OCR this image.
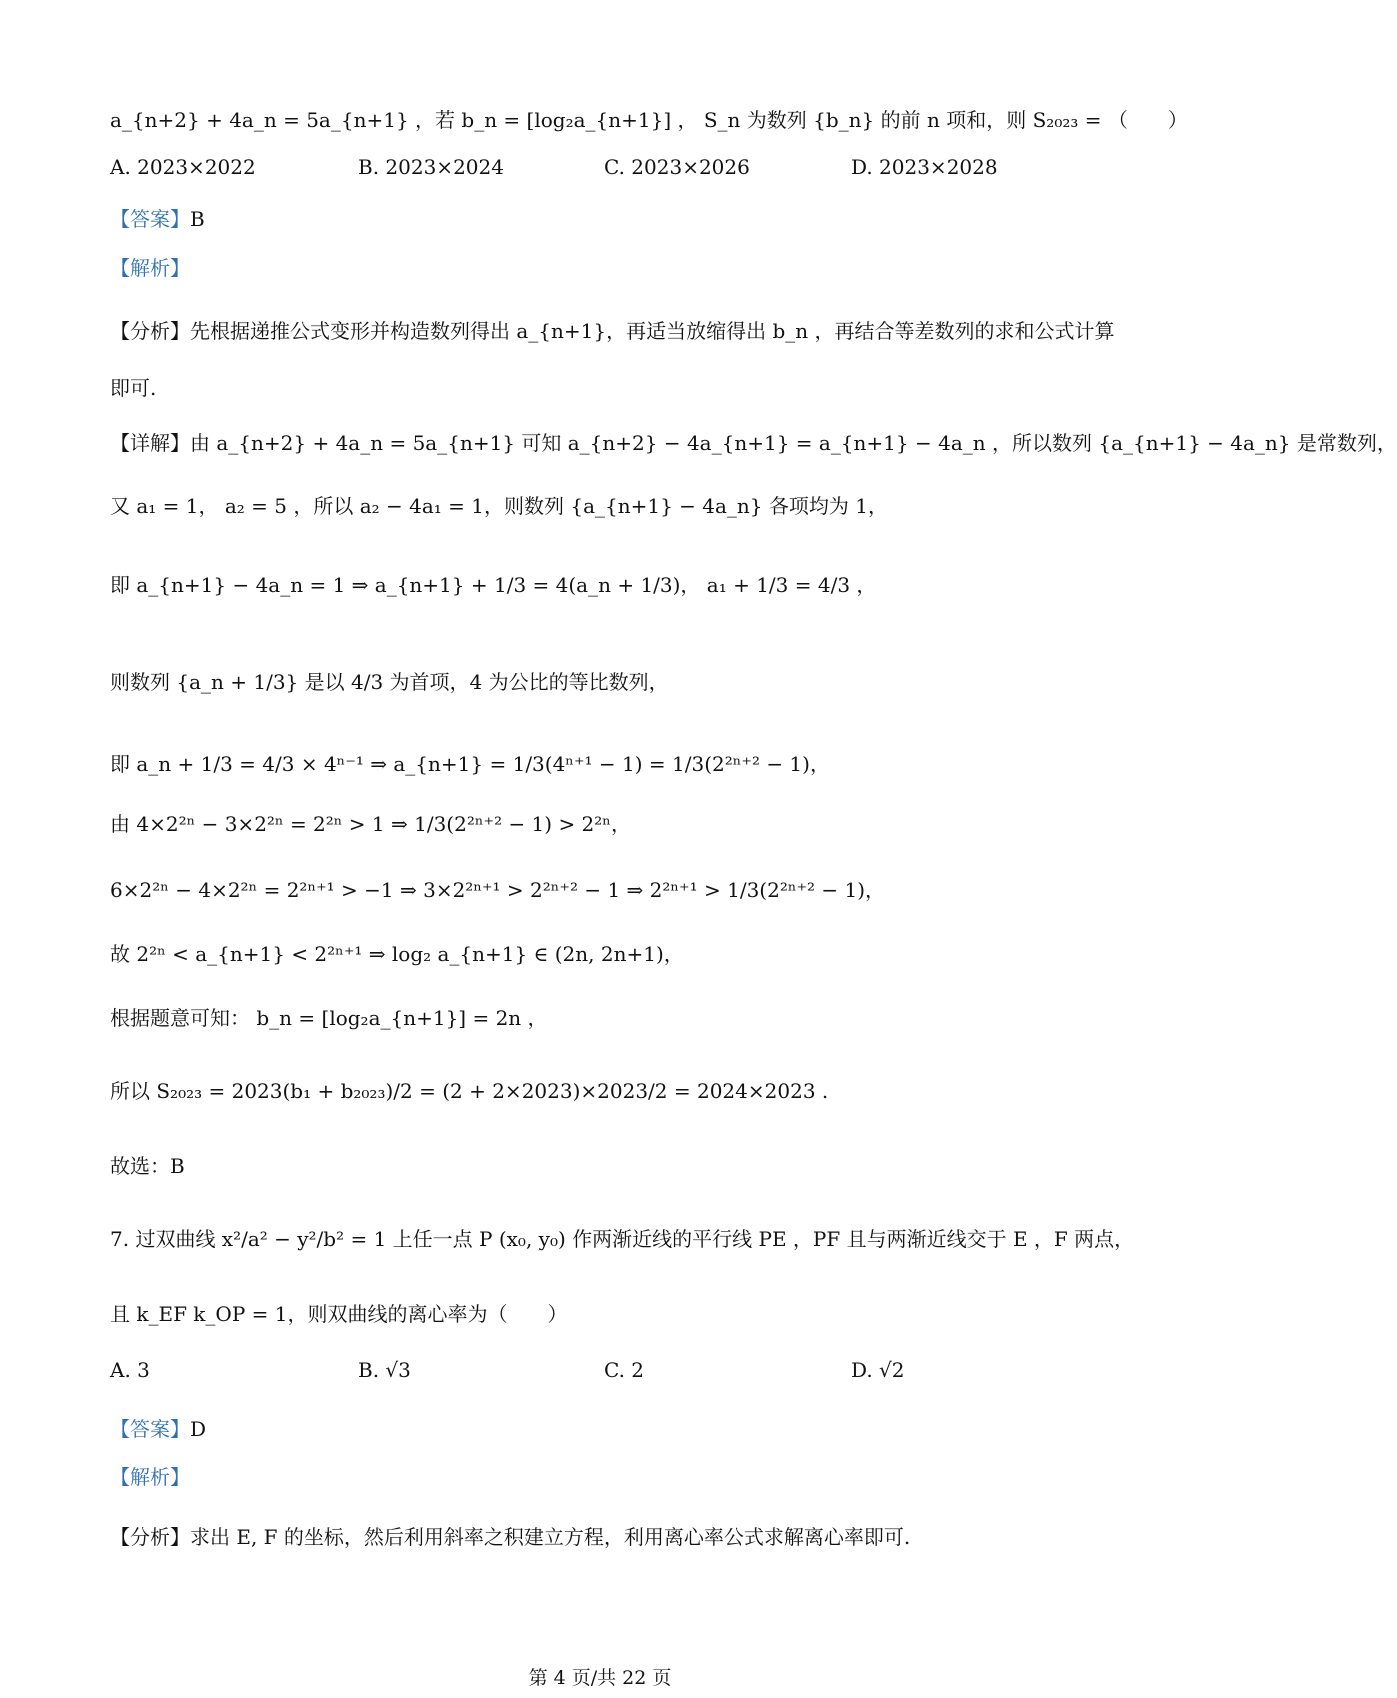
a_{n+2} + 4a_n = 5a_{n+1} ，若 b_n = [log₂a_{n+1}] ， S_n 为数列 {b_n} 的前 n 项和，则 S₂₀₂₃ = （　　）
A. 2023×2022	B. 2023×2024	C. 2023×2026	D. 2023×2028
【答案】B
【解析】
【分析】先根据递推公式变形并构造数列得出 a_{n+1}，再适当放缩得出 b_n ，再结合等差数列的求和公式计算
即可.
【详解】由 a_{n+2} + 4a_n = 5a_{n+1} 可知 a_{n+2} − 4a_{n+1} = a_{n+1} − 4a_n ，所以数列 {a_{n+1} − 4a_n} 是常数列，
又 a₁ = 1， a₂ = 5 ，所以 a₂ − 4a₁ = 1，则数列 {a_{n+1} − 4a_n} 各项均为 1，
即 a_{n+1} − 4a_n = 1 ⇒ a_{n+1} + 1/3 = 4(a_n + 1/3)， a₁ + 1/3 = 4/3 ，
则数列 {a_n + 1/3} 是以 4/3 为首项，4 为公比的等比数列，
即 a_n + 1/3 = 4/3 × 4ⁿ⁻¹ ⇒ a_{n+1} = 1/3(4ⁿ⁺¹ − 1) = 1/3(2²ⁿ⁺² − 1)，
由 4×2²ⁿ − 3×2²ⁿ = 2²ⁿ > 1 ⇒ 1/3(2²ⁿ⁺² − 1) > 2²ⁿ，
6×2²ⁿ − 4×2²ⁿ = 2²ⁿ⁺¹ > −1 ⇒ 3×2²ⁿ⁺¹ > 2²ⁿ⁺² − 1 ⇒ 2²ⁿ⁺¹ > 1/3(2²ⁿ⁺² − 1)，
故 2²ⁿ < a_{n+1} < 2²ⁿ⁺¹ ⇒ log₂ a_{n+1} ∈ (2n, 2n+1)，
根据题意可知： b_n = [log₂a_{n+1}] = 2n ，
所以 S₂₀₂₃ = 2023(b₁ + b₂₀₂₃)/2 = (2 + 2×2023)×2023/2 = 2024×2023 .
故选：B
7. 过双曲线 x²/a² − y²/b² = 1 上任一点 P (x₀, y₀) 作两渐近线的平行线 PE ，PF 且与两渐近线交于 E ，F 两点，
且 k_EF k_OP = 1，则双曲线的离心率为（　　）
A. 3	B. √3	C. 2	D. √2
【答案】D
【解析】
【分析】求出 E, F 的坐标，然后利用斜率之积建立方程，利用离心率公式求解离心率即可.
第 4 页/共 22 页
